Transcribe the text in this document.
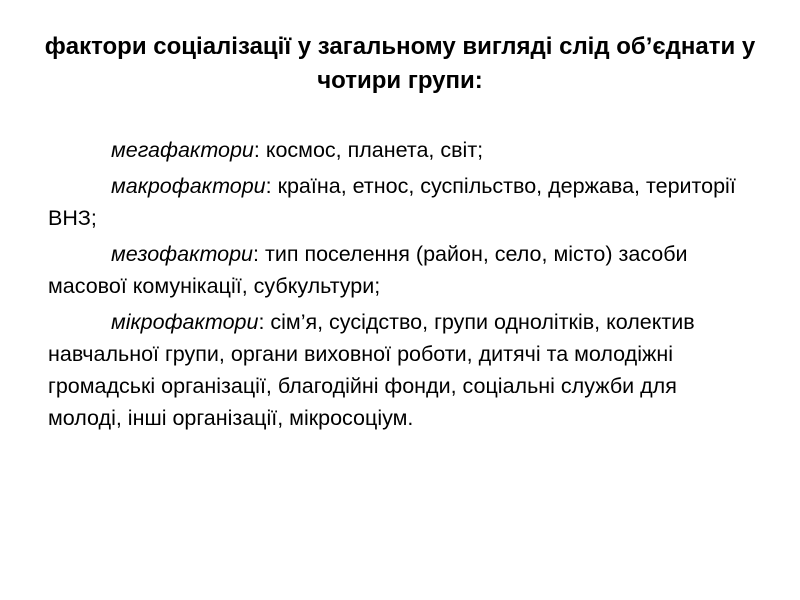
фактори соціалізації у загальному вигляді слід об’єднати у чотири групи:

мегафактори: космос, планета, світ;

макрофактори: країна, етнос, суспільство, держава, території ВНЗ;

мезофактори: тип поселення (район, село, місто) засоби масової комунікації, субкультури;

мікрофактори: сім’я, сусідство, групи однолітків, колектив навчальної групи, органи виховної роботи, дитячі та молодіжні громадські організації, благодійні фонди, соціальні служби для молоді, інші організації, мікросоціум.
